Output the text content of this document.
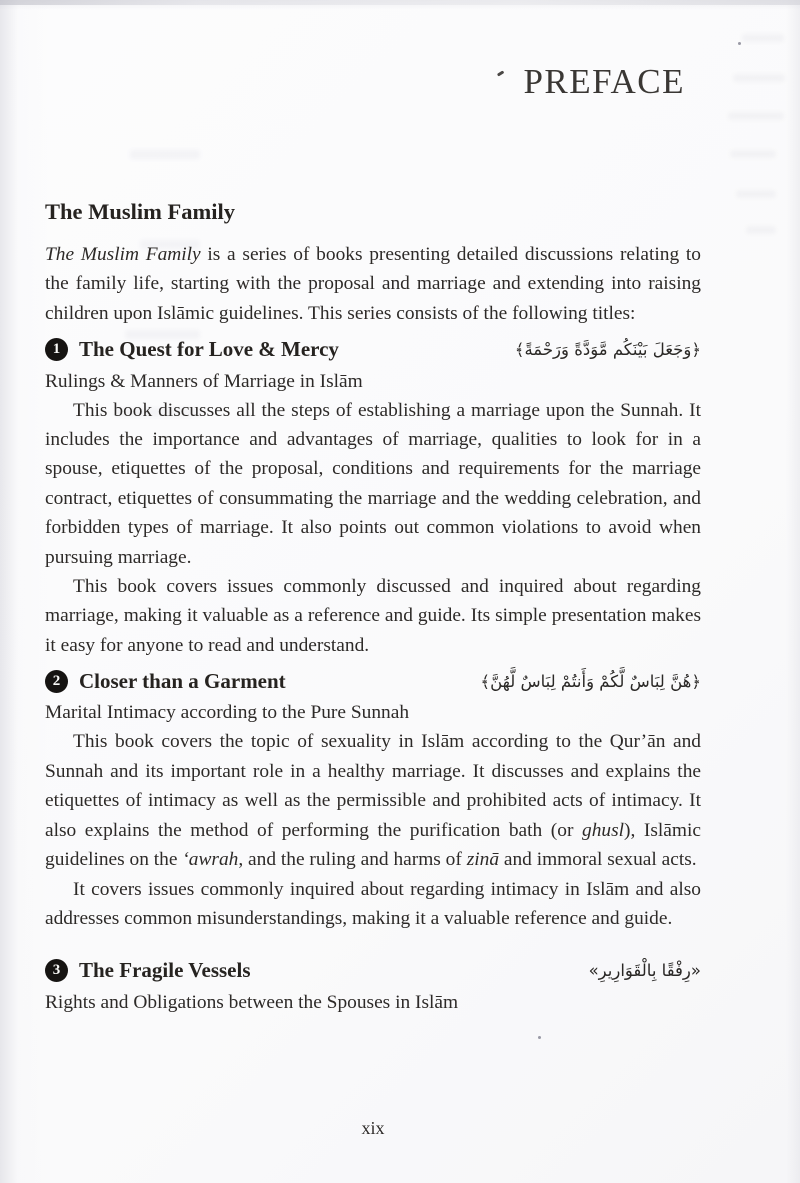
PREFACE
The Muslim Family

The Muslim Family is a series of books presenting detailed discussions relating to the family life, starting with the proposal and marriage and extending into raising children upon Islāmic guidelines. This series consists of the following titles:

1 The Quest for Love & Mercy	﴿وَجَعَلَ بَيْنَكُم مَّوَدَّةً وَرَحْمَةً﴾

Rulings & Manners of Marriage in Islām

This book discusses all the steps of establishing a marriage upon the Sunnah. It includes the importance and advantages of marriage, qualities to look for in a spouse, etiquettes of the proposal, conditions and requirements for the marriage contract, etiquettes of consummating the marriage and the wedding celebration, and forbidden types of marriage. It also points out common violations to avoid when pursuing marriage.

This book covers issues commonly discussed and inquired about regarding marriage, making it valuable as a reference and guide. Its simple presentation makes it easy for anyone to read and understand.

2 Closer than a Garment	﴿هُنَّ لِبَاسٌ لَّكُمْ وَأَنتُمْ لِبَاسٌ لَّهُنَّ﴾

Marital Intimacy according to the Pure Sunnah

This book covers the topic of sexuality in Islām according to the Qur’ān and Sunnah and its important role in a healthy marriage. It discusses and explains the etiquettes of intimacy as well as the permissible and prohibited acts of intimacy. It also explains the method of performing the purification bath (or ghusl), Islāmic guidelines on the ‘awrah, and the ruling and harms of zinā and immoral sexual acts.

It covers issues commonly inquired about regarding intimacy in Islām and also addresses common misunderstandings, making it a valuable reference and guide.

3 The Fragile Vessels	«رِفْقًا بِالْقَوَارِيرِ»

Rights and Obligations between the Spouses in Islām

xix
